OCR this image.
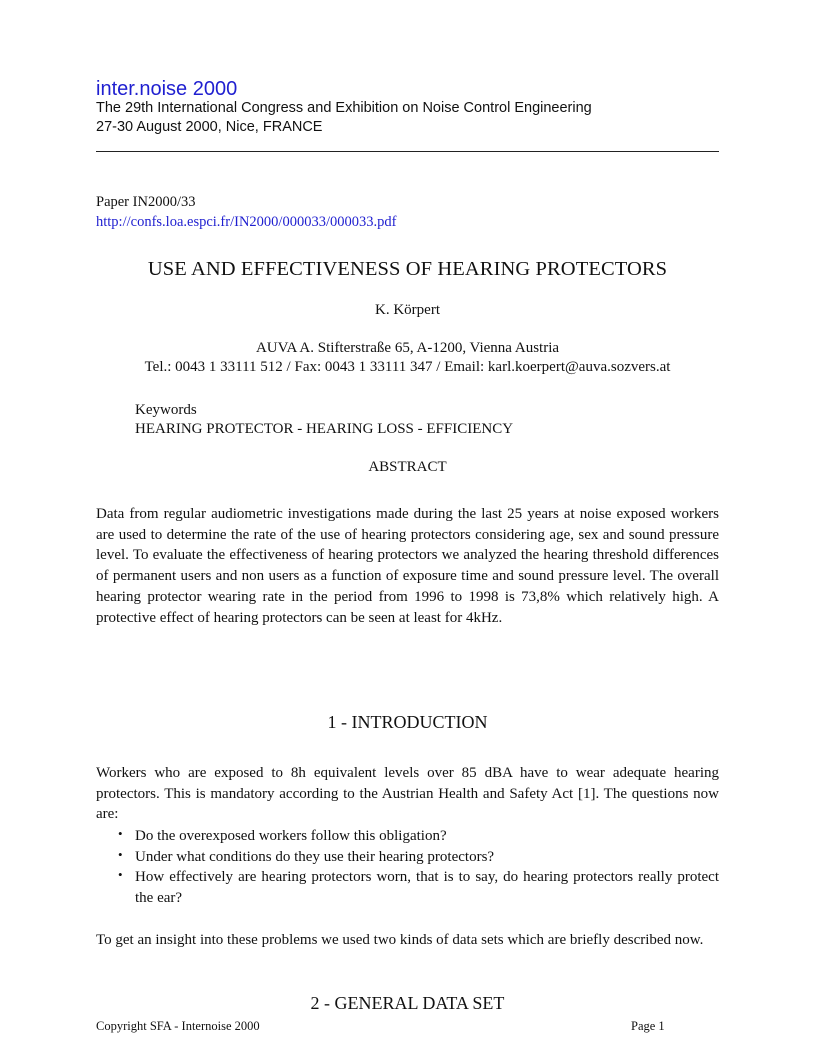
inter.noise 2000
The 29th International Congress and Exhibition on Noise Control Engineering
27-30 August 2000, Nice, FRANCE
Paper IN2000/33
http://confs.loa.espci.fr/IN2000/000033/000033.pdf
USE AND EFFECTIVENESS OF HEARING PROTECTORS
K. Körpert
AUVA A. Stifterstraße 65, A-1200, Vienna Austria
Tel.: 0043 1 33111 512 / Fax: 0043 1 33111 347 / Email: karl.koerpert@auva.sozvers.at
Keywords
HEARING PROTECTOR - HEARING LOSS - EFFICIENCY
ABSTRACT

Data from regular audiometric investigations made during the last 25 years at noise exposed workers are used to determine the rate of the use of hearing protectors considering age, sex and sound pressure level. To evaluate the effectiveness of hearing protectors we analyzed the hearing threshold differences of permanent users and non users as a function of exposure time and sound pressure level. The overall hearing protector wearing rate in the period from 1996 to 1998 is 73,8% which relatively high. A protective effect of hearing protectors can be seen at least for 4kHz.

1 - INTRODUCTION

Workers who are exposed to 8h equivalent levels over 85 dBA have to wear adequate hearing protectors. This is mandatory according to the Austrian Health and Safety Act [1]. The questions now are:

• Do the overexposed workers follow this obligation?
• Under what conditions do they use their hearing protectors?
• How effectively are hearing protectors worn, that is to say, do hearing protectors really protect the ear?

To get an insight into these problems we used two kinds of data sets which are briefly described now.

2 - GENERAL DATA SET
Copyright SFA - Internoise 2000	Page 1
